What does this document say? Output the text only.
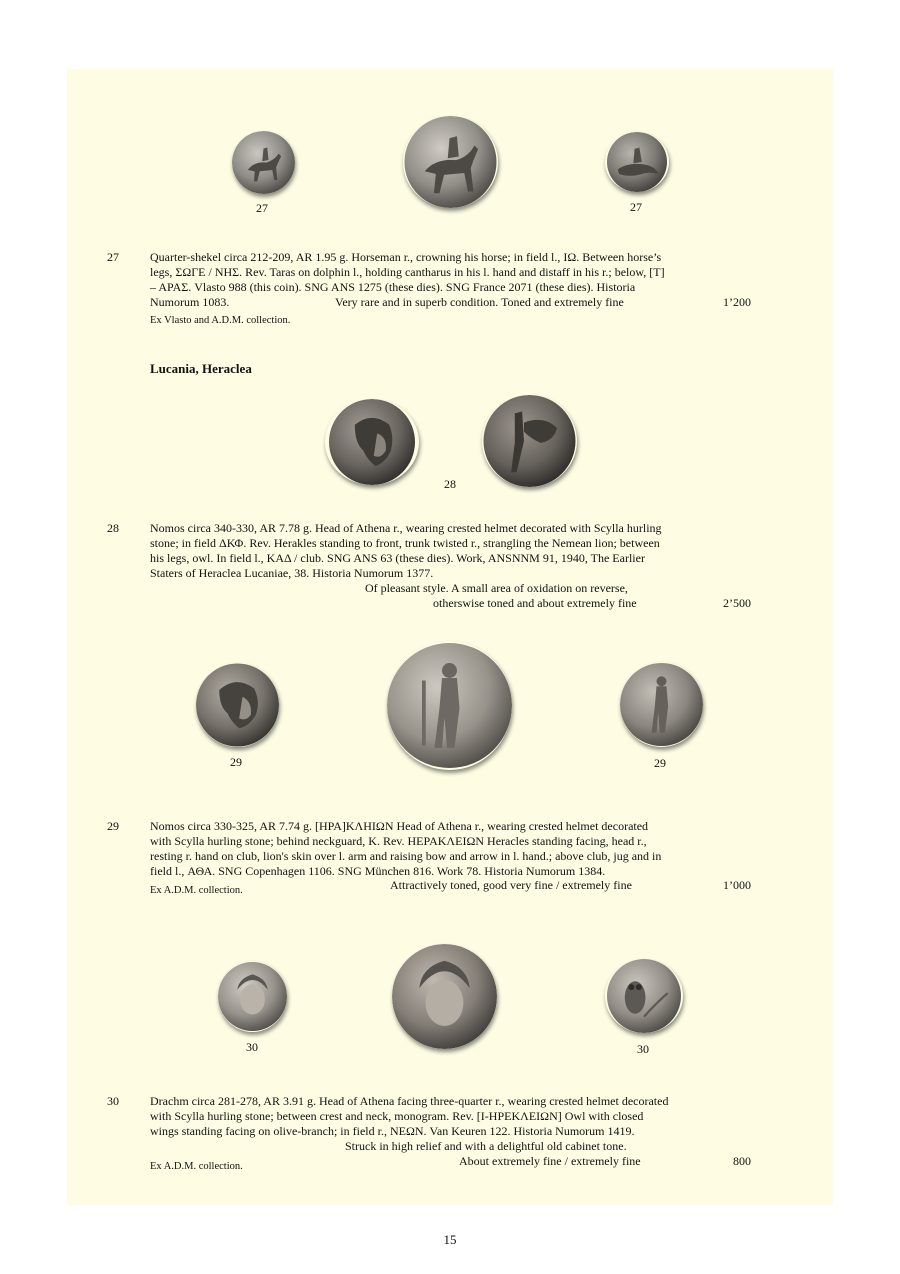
27	27
27	Quarter-shekel circa 212-209, AR 1.95 g. Horseman r., crowning his horse; in field l., ΙΩ. Between horse’s
legs, ΣΩΓΕ / ΝΗΣ. Rev. Taras on dolphin l., holding cantharus in his l. hand and distaff in his r.; below, [T]
– ΑΡΑΣ. Vlasto 988 (this coin). SNG ANS 1275 (these dies). SNG France 2071 (these dies). Historia
Numorum 1083.	Very rare and in superb condition. Toned and extremely fine	1’200
Ex Vlasto and A.D.M. collection.
Lucania, Heraclea
28
28	Nomos circa 340-330, AR 7.78 g. Head of Athena r., wearing crested helmet decorated with Scylla hurling
stone; in field ΔΚΦ. Rev. Herakles standing to front, trunk twisted r., strangling the Nemean lion; between
his legs, owl. In field l., ΚΑΔ / club. SNG ANS 63 (these dies). Work, ANSNNM 91, 1940, The Earlier
Staters of Heraclea Lucaniae, 38. Historia Numorum 1377.
Of pleasant style. A small area of oxidation on reverse,
otherswise toned and about extremely fine	2’500
29	29
29	Nomos circa 330-325, AR 7.74 g. [ΗΡΑ]ΚΛΗΙΩΝ Head of Athena r., wearing crested helmet decorated
with Scylla hurling stone; behind neckguard, K. Rev. ΗΕΡΑΚΛΕΙΩΝ Heracles standing facing, head r.,
resting r. hand on club, lion's skin over l. arm and raising bow and arrow in l. hand.; above club, jug and in
field l., ΑΘΑ. SNG Copenhagen 1106. SNG München 816. Work 78. Historia Numorum 1384.
Attractively toned, good very fine / extremely fine	1’000
Ex A.D.M. collection.
30	30
30	Drachm circa 281-278, AR 3.91 g. Head of Athena facing three-quarter r., wearing crested helmet decorated
with Scylla hurling stone; between crest and neck, monogram. Rev. [Ι-ΗΡΕΚΛΕΙΩΝ] Owl with closed
wings standing facing on olive-branch; in field r., ΝΕΩΝ. Van Keuren 122. Historia Numorum 1419.
Struck in high relief and with a delightful old cabinet tone.
About extremely fine / extremely fine	800
Ex A.D.M. collection.
15
